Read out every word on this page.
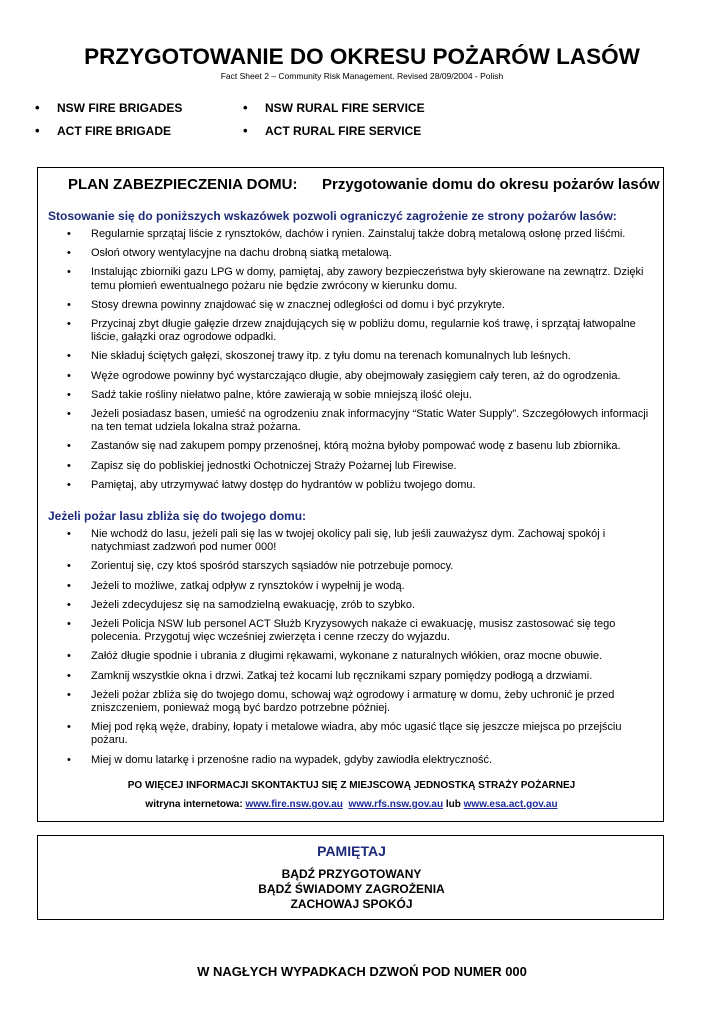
PRZYGOTOWANIE DO OKRESU POŻARÓW LASÓW
Fact Sheet 2 – Community Risk Management. Revised 28/09/2004 - Polish
• NSW FIRE BRIGADES	• NSW RURAL FIRE SERVICE
• ACT FIRE BRIGADE	• ACT RURAL FIRE SERVICE
PLAN ZABEZPIECZENIA DOMU: Przygotowanie domu do okresu pożarów lasów
Stosowanie się do poniższych wskazówek pozwoli ograniczyć zagrożenie ze strony pożarów lasów:
• Regularnie sprzątaj liście z rynsztoków, dachów i rynien. Zainstaluj także dobrą metalową osłonę przed liśćmi.
• Osłoń otwory wentylacyjne na dachu drobną siatką metalową.
• Instalując zbiorniki gazu LPG w domy, pamiętaj, aby zawory bezpieczeństwa były skierowane na zewnątrz. Dzięki temu płomień ewentualnego pożaru nie będzie zwrócony w kierunku domu.
• Stosy drewna powinny znajdować się w znacznej odległości od domu i być przykryte.
• Przycinaj zbyt długie gałęzie drzew znajdujących się w pobliżu domu, regularnie koś trawę, i sprzątaj łatwopalne liście, gałązki oraz ogrodowe odpadki.
• Nie składuj ściętych gałęzi, skoszonej trawy itp. z tyłu domu na terenach komunalnych lub leśnych.
• Węże ogrodowe powinny być wystarczająco długie, aby obejmowały zasięgiem cały teren, aż do ogrodzenia.
• Sadź takie rośliny niełatwo palne, które zawierają w sobie mniejszą ilość oleju.
• Jeżeli posiadasz basen, umieść na ogrodzeniu znak informacyjny “Static Water Supply”. Szczegółowych informacji na ten temat udziela lokalna straż pożarna.
• Zastanów się nad zakupem pompy przenośnej, którą można byłoby pompować wodę z basenu lub zbiornika.
• Zapisz się do pobliskiej jednostki Ochotniczej Straży Pożarnej lub Firewise.
• Pamiętaj, aby utrzymywać łatwy dostęp do hydrantów w pobliżu twojego domu.
Jeżeli pożar lasu zbliża się do twojego domu:
• Nie wchodź do lasu, jeżeli pali się las w twojej okolicy pali się, lub jeśli zauważysz dym. Zachowaj spokój i natychmiast zadzwoń pod numer 000!
• Zorientuj się, czy ktoś spośród starszych sąsiadów nie potrzebuje pomocy.
• Jeżeli to możliwe, zatkaj odpływ z rynsztoków i wypełnij je wodą.
• Jeżeli zdecydujesz się na samodzielną ewakuację, zrób to szybko.
• Jeżeli Policja NSW lub personel ACT Służb Kryzysowych nakaże ci ewakuację, musisz zastosować się tego polecenia. Przygotuj więc wcześniej zwierzęta i cenne rzeczy do wyjazdu.
• Załóż długie spodnie i ubrania z długimi rękawami, wykonane z naturalnych włókien, oraz mocne obuwie.
• Zamknij wszystkie okna i drzwi. Zatkaj też kocami lub ręcznikami szpary pomiędzy podłogą a drzwiami.
• Jeżeli pożar zbliża się do twojego domu, schowaj wąż ogrodowy i armaturę w domu, żeby uchronić je przed zniszczeniem, ponieważ mogą być bardzo potrzebne później.
• Miej pod ręką węże, drabiny, łopaty i metalowe wiadra, aby móc ugasić tlące się jeszcze miejsca po przejściu pożaru.
• Miej w domu latarkę i przenośne radio na wypadek, gdyby zawiodła elektryczność.
PO WIĘCEJ INFORMACJI SKONTAKTUJ SIĘ Z MIEJSCOWĄ JEDNOSTKĄ STRAŻY POŻARNEJ
witryna internetowa: www.fire.nsw.gov.au www.rfs.nsw.gov.au lub www.esa.act.gov.au
PAMIĘTAJ
BĄDŹ PRZYGOTOWANY
BĄDŹ ŚWIADOMY ZAGROŻENIA
ZACHOWAJ SPOKÓJ
W NAGŁYCH WYPADKACH DZWOŃ POD NUMER 000
